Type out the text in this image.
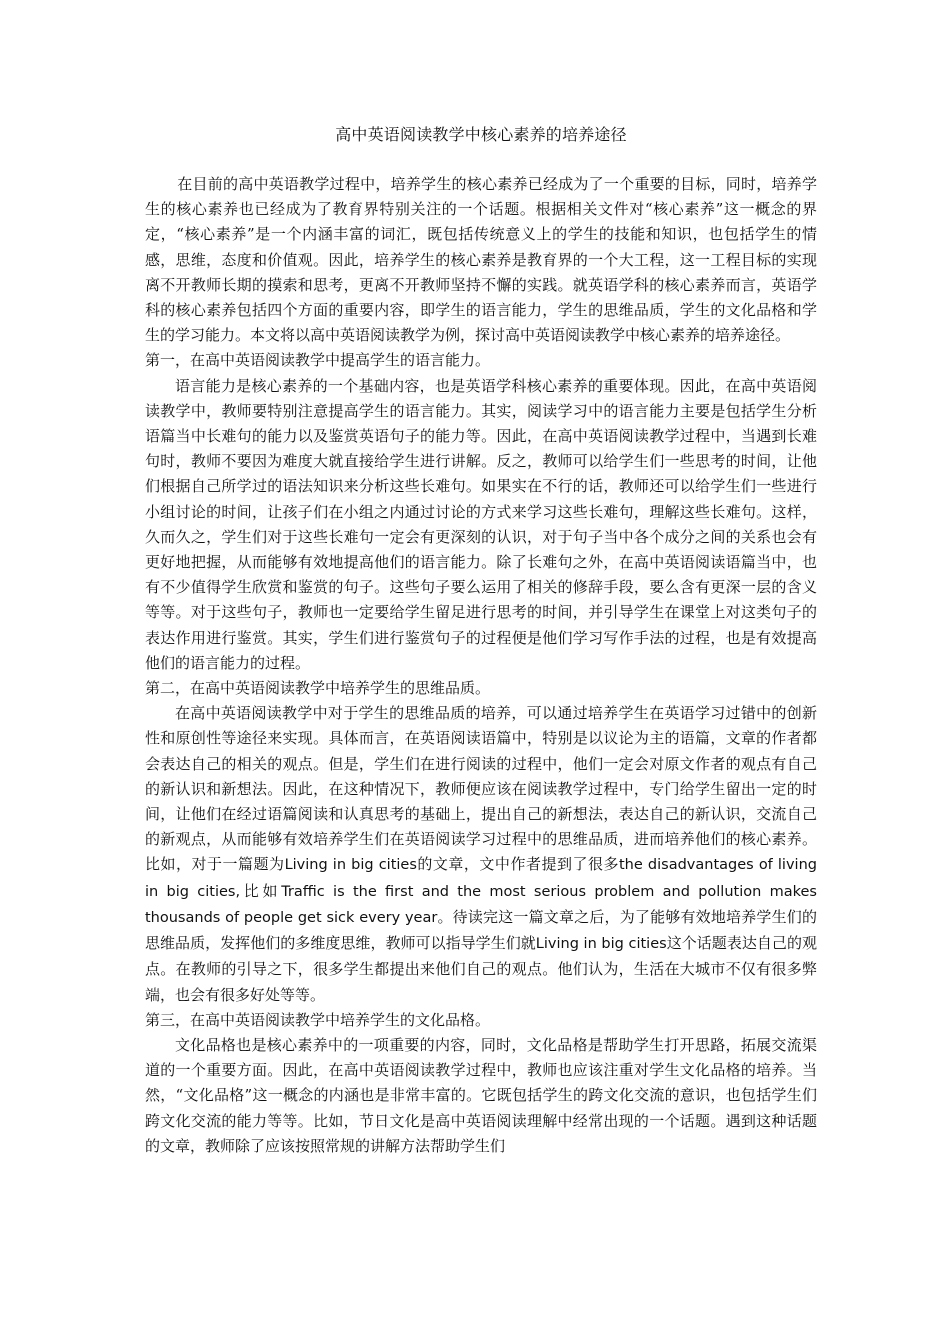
高中英语阅读教学中核心素养的培养途径

在目前的高中英语教学过程中，培养学生的核心素养已经成为了一个重要的目标，同时，培养学生的核心素养也已经成为了教育界特别关注的一个话题。根据相关文件对“核心素养”这一概念的界定，“核心素养”是一个内涵丰富的词汇，既包括传统意义上的学生的技能和知识，也包括学生的情感，思维，态度和价值观。因此，培养学生的核心素养是教育界的一个大工程，这一工程目标的实现离不开教师长期的摸索和思考，更离不开教师坚持不懈的实践。就英语学科的核心素养而言，英语学科的核心素养包括四个方面的重要内容，即学生的语言能力，学生的思维品质，学生的文化品格和学生的学习能力。本文将以高中英语阅读教学为例，探讨高中英语阅读教学中核心素养的培养途径。

第一，在高中英语阅读教学中提高学生的语言能力。

语言能力是核心素养的一个基础内容，也是英语学科核心素养的重要体现。因此，在高中英语阅读教学中，教师要特别注意提高学生的语言能力。其实，阅读学习中的语言能力主要是包括学生分析语篇当中长难句的能力以及鉴赏英语句子的能力等。因此，在高中英语阅读教学过程中，当遇到长难句时，教师不要因为难度大就直接给学生进行讲解。反之，教师可以给学生们一些思考的时间，让他们根据自己所学过的语法知识来分析这些长难句。如果实在不行的话，教师还可以给学生们一些进行小组讨论的时间，让孩子们在小组之内通过讨论的方式来学习这些长难句，理解这些长难句。这样，久而久之，学生们对于这些长难句一定会有更深刻的认识，对于句子当中各个成分之间的关系也会有更好地把握，从而能够有效地提高他们的语言能力。除了长难句之外，在高中英语阅读语篇当中，也有不少值得学生欣赏和鉴赏的句子。这些句子要么运用了相关的修辞手段，要么含有更深一层的含义等等。对于这些句子，教师也一定要给学生留足进行思考的时间，并引导学生在课堂上对这类句子的表达作用进行鉴赏。其实，学生们进行鉴赏句子的过程便是他们学习写作手法的过程，也是有效提高他们的语言能力的过程。

第二，在高中英语阅读教学中培养学生的思维品质。

在高中英语阅读教学中对于学生的思维品质的培养，可以通过培养学生在英语学习过错中的创新性和原创性等途径来实现。具体而言，在英语阅读语篇中，特别是以议论为主的语篇，文章的作者都会表达自己的相关的观点。但是，学生们在进行阅读的过程中，他们一定会对原文作者的观点有自己的新认识和新想法。因此，在这种情况下，教师便应该在阅读教学过程中，专门给学生留出一定的时间，让他们在经过语篇阅读和认真思考的基础上，提出自己的新想法，表达自己的新认识，交流自己的新观点，从而能够有效培养学生们在英语阅读学习过程中的思维品质，进而培养他们的核心素养。比如，对于一篇题为Living in big cities的文章，文中作者提到了很多the disadvantages of living in big cities,比如Traffic is the first and the most serious problem and pollution makes thousands of people get sick every year。待读完这一篇文章之后，为了能够有效地培养学生们的思维品质，发挥他们的多维度思维，教师可以指导学生们就Living in big cities这个话题表达自己的观点。在教师的引导之下，很多学生都提出来他们自己的观点。他们认为，生活在大城市不仅有很多弊端，也会有很多好处等等。

第三，在高中英语阅读教学中培养学生的文化品格。

文化品格也是核心素养中的一项重要的内容，同时，文化品格是帮助学生打开思路，拓展交流渠道的一个重要方面。因此，在高中英语阅读教学过程中，教师也应该注重对学生文化品格的培养。当然，“文化品格”这一概念的内涵也是非常丰富的。它既包括学生的跨文化交流的意识，也包括学生们跨文化交流的能力等等。比如，节日文化是高中英语阅读理解中经常出现的一个话题。遇到这种话题的文章，教师除了应该按照常规的讲解方法帮助学生们
